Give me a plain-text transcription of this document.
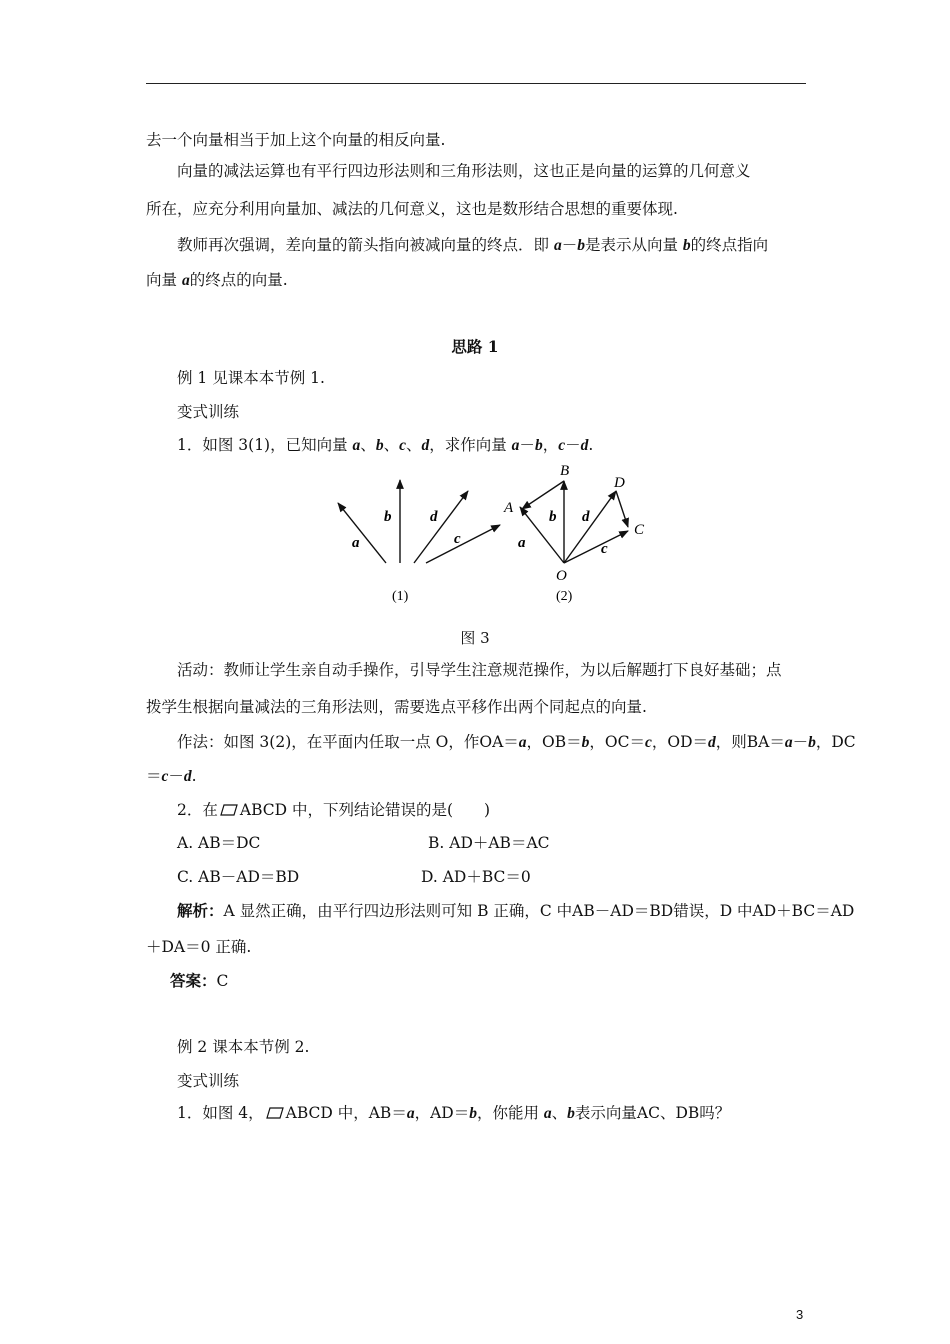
去一个向量相当于加上这个向量的相反向量.
向量的减法运算也有平行四边形法则和三角形法则，这也正是向量的运算的几何意义
所在，应充分利用向量加、减法的几何意义，这也是数形结合思想的重要体现.
教师再次强调，差向量的箭头指向被减向量的终点．即 a－b是表示从向量 b的终点指向
向量 a的终点的向量.
思路 1
例 1 见课本本节例 1.
变式训练
1．如图 3(1)，已知向量 a、b、c、d，求作向量 a－b，c－d.
a
b	d
c
(1)
A
B
D
C
O
a
b d
c
(2)
图 3
活动：教师让学生亲自动手操作，引导学生注意规范操作，为以后解题打下良好基础；点
拨学生根据向量减法的三角形法则，需要选点平移作出两个同起点的向量.
作法：如图 3(2)，在平面内任取一点 O，作OA＝a，OB＝b，OC＝c，OD＝d，则BA＝a－b，DC
＝c－d.
2．在 ABCD 中，下列结论错误的是(　　)
A. AB＝DC	B. AD＋AB＝AC
C. AB－AD＝BD	D. AD＋BC＝0
解析：A 显然正确，由平行四边形法则可知 B 正确，C 中AB－AD＝BD错误，D 中AD＋BC＝AD
＋DA＝0 正确.
答案：C
例 2 课本本节例 2.
变式训练
1．如图 4， ABCD 中，AB＝a，AD＝b，你能用 a、b表示向量AC、DB吗？
3
